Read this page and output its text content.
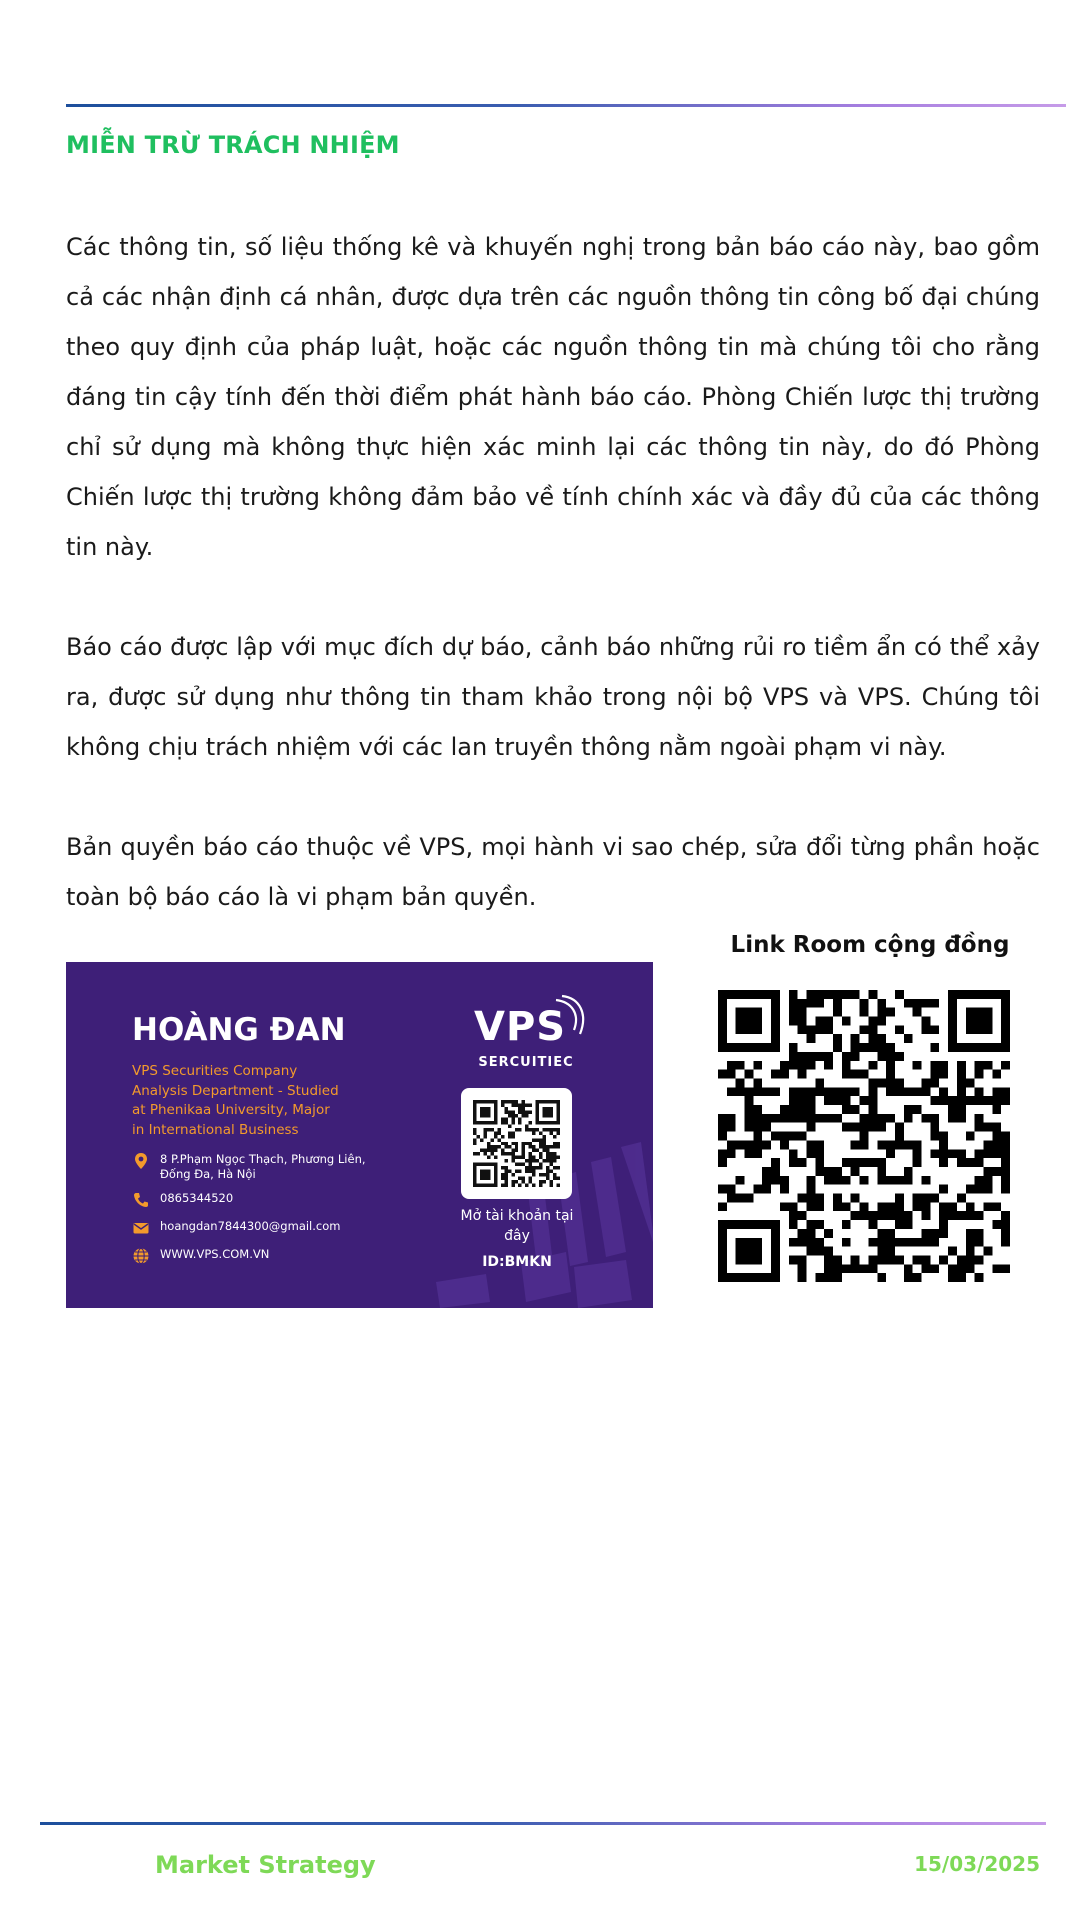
MIỄN TRỪ TRÁCH NHIỆM

Các thông tin, số liệu thống kê và khuyến nghị trong bản báo cáo này, bao gồm cả các nhận định cá nhân, được dựa trên các nguồn thông tin công bố đại chúng theo quy định của pháp luật, hoặc các nguồn thông tin mà chúng tôi cho rằng đáng tin cậy tính đến thời điểm phát hành báo cáo. Phòng Chiến lược thị trường chỉ sử dụng mà không thực hiện xác minh lại các thông tin này, do đó Phòng Chiến lược thị trường không đảm bảo về tính chính xác và đầy đủ của các thông tin này.

Báo cáo được lập với mục đích dự báo, cảnh báo những rủi ro tiềm ẩn có thể xảy ra, được sử dụng như thông tin tham khảo trong nội bộ VPS và VPS. Chúng tôi không chịu trách nhiệm với các lan truyền thông nằm ngoài phạm vi này.

Bản quyền báo cáo thuộc về VPS, mọi hành vi sao chép, sửa đổi từng phần hoặc toàn bộ báo cáo là vi phạm bản quyền.

Link Room cộng đồng
HOÀNG ĐAN
VPS Securities Company
Analysis Department - Studied
at Phenikaa University, Major
in International Business
8 P.Phạm Ngọc Thạch, Phương Liên,
Đống Đa, Hà Nội
0865344520
hoangdan7844300@gmail.com
WWW.VPS.COM.VN
VPS
SERCUITIEC
Mở tài khoản tại
đây
ID:BMKN
Market Strategy	15/03/2025
